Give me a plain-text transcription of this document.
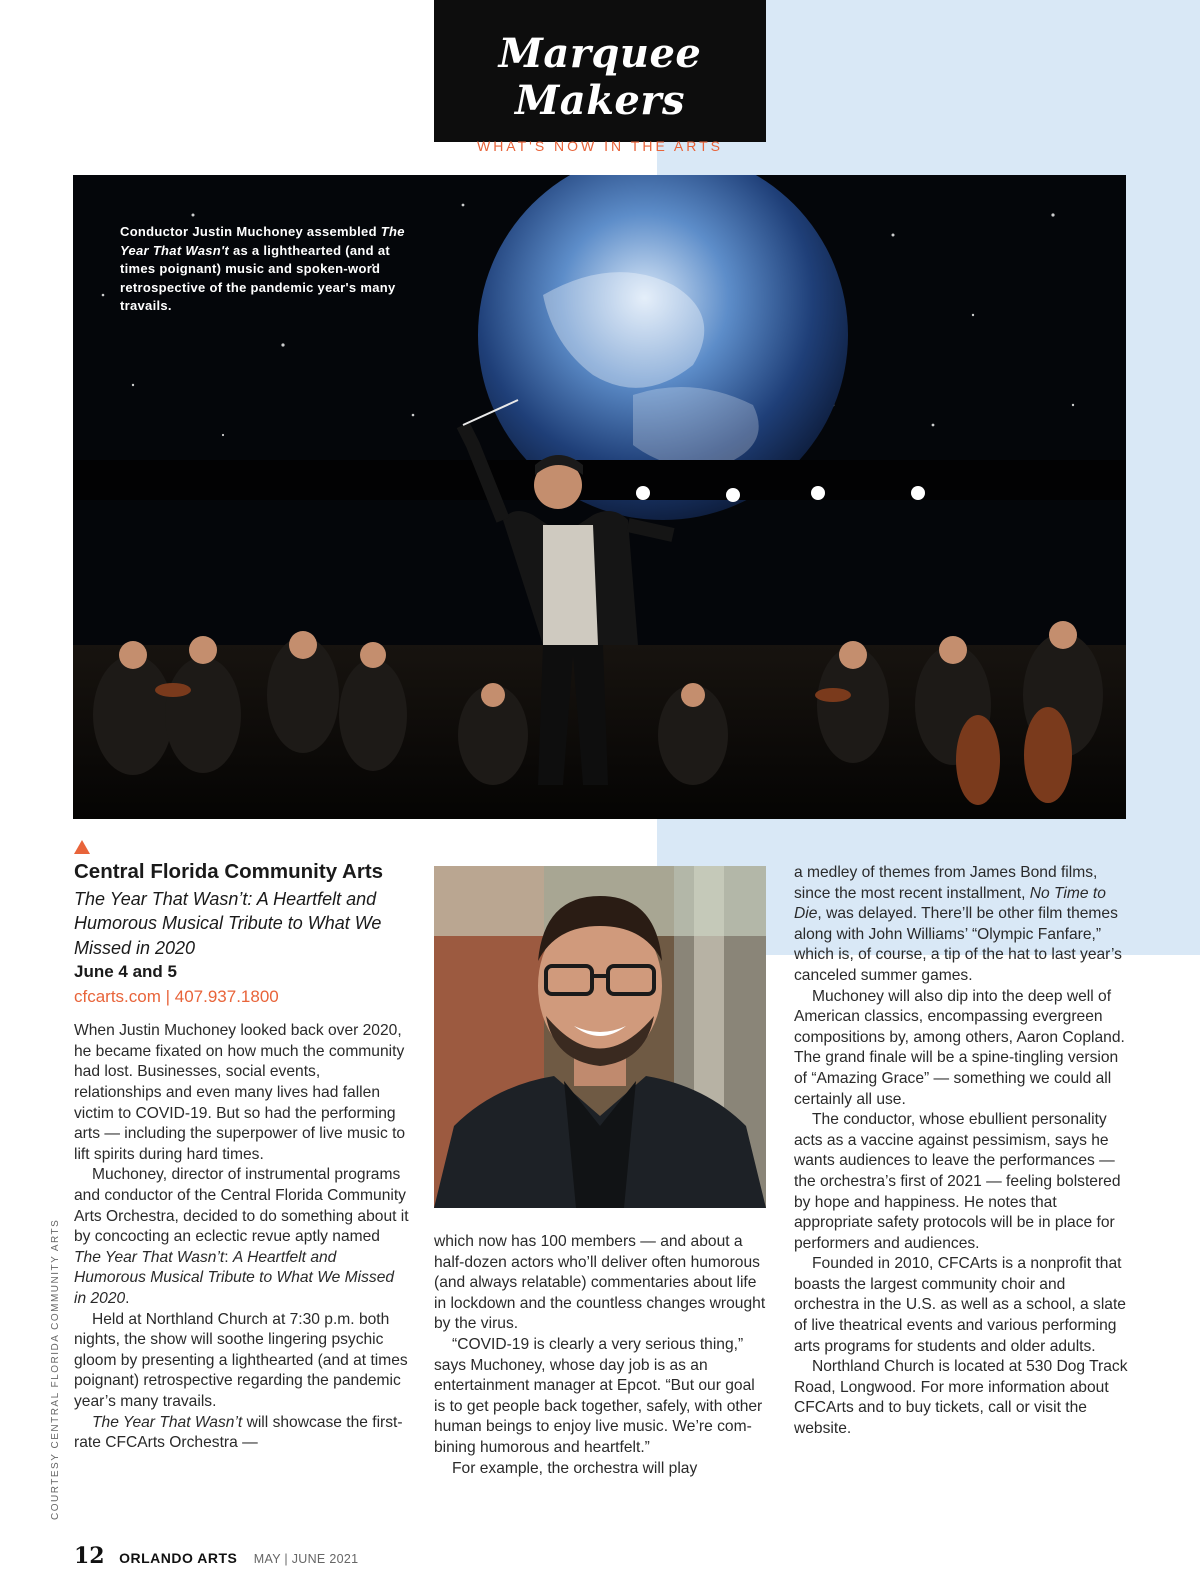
Marquee Makers
WHAT'S NOW IN THE ARTS
Conductor Justin Muchoney assembled The Year That Wasn't as a lighthearted (and at times poignant) music and spoken-word retrospective of the pandemic year's many travails.
Central Florida Community Arts
The Year That Wasn’t: A Heartfelt and Humorous Musical Tribute to What We Missed in 2020
June 4 and 5
cfcarts.com | 407.937.1800

When Justin Muchoney looked back over 2020, he became fixated on how much the community had lost. Businesses, social events, relationships and even many lives had fallen victim to COVID-19. But so had the performing arts — including the superpower of live music to lift spirits during hard times.

Muchoney, director of instrumental programs and conductor of the Central Florida Community Arts Orchestra, decided to do something about it by concocting an eclectic revue aptly named The Year That Wasn’t: A Heartfelt and Humorous Musical Tribute to What We Missed in 2020.

Held at Northland Church at 7:30 p.m. both nights, the show will soothe lingering psychic gloom by presenting a lighthearted (and at times poignant) retrospective regarding the pandemic year’s many travails.

The Year That Wasn’t will showcase the first-rate CFCArts Orchestra —

which now has 100 members — and about a half-dozen actors who’ll deliver often humorous (and always relatable) commentaries about life in lockdown and the countless changes wrought by the virus.

“COVID-19 is clearly a very serious thing,” says Muchoney, whose day job is as an entertainment manager at Epcot. “But our goal is to get people back together, safely, with other human beings to enjoy live music. We’re combining humorous and heartfelt.”

For example, the orchestra will play

a medley of themes from James Bond films, since the most recent installment, No Time to Die, was delayed. There’ll be other film themes along with John Williams’ “Olympic Fanfare,” which is, of course, a tip of the hat to last year’s canceled summer games.

Muchoney will also dip into the deep well of American classics, encompassing evergreen compositions by, among others, Aaron Copland. The grand finale will be a spine-tingling version of “Amazing Grace” — something we could all certainly all use.

The conductor, whose ebullient personality acts as a vaccine against pessimism, says he wants audiences to leave the performances — the orchestra’s first of 2021 — feeling bolstered by hope and happiness. He notes that appropriate safety protocols will be in place for performers and audiences.

Founded in 2010, CFCArts is a nonprofit that boasts the largest community choir and orchestra in the U.S. as well as a school, a slate of live theatrical events and various performing arts programs for students and older adults.

Northland Church is located at 530 Dog Track Road, Longwood. For more information about CFCArts and to buy tickets, call or visit the website.

COURTESY CENTRAL FLORIDA COMMUNITY ARTS
12 ORLANDO ARTS MAY | JUNE 2021
